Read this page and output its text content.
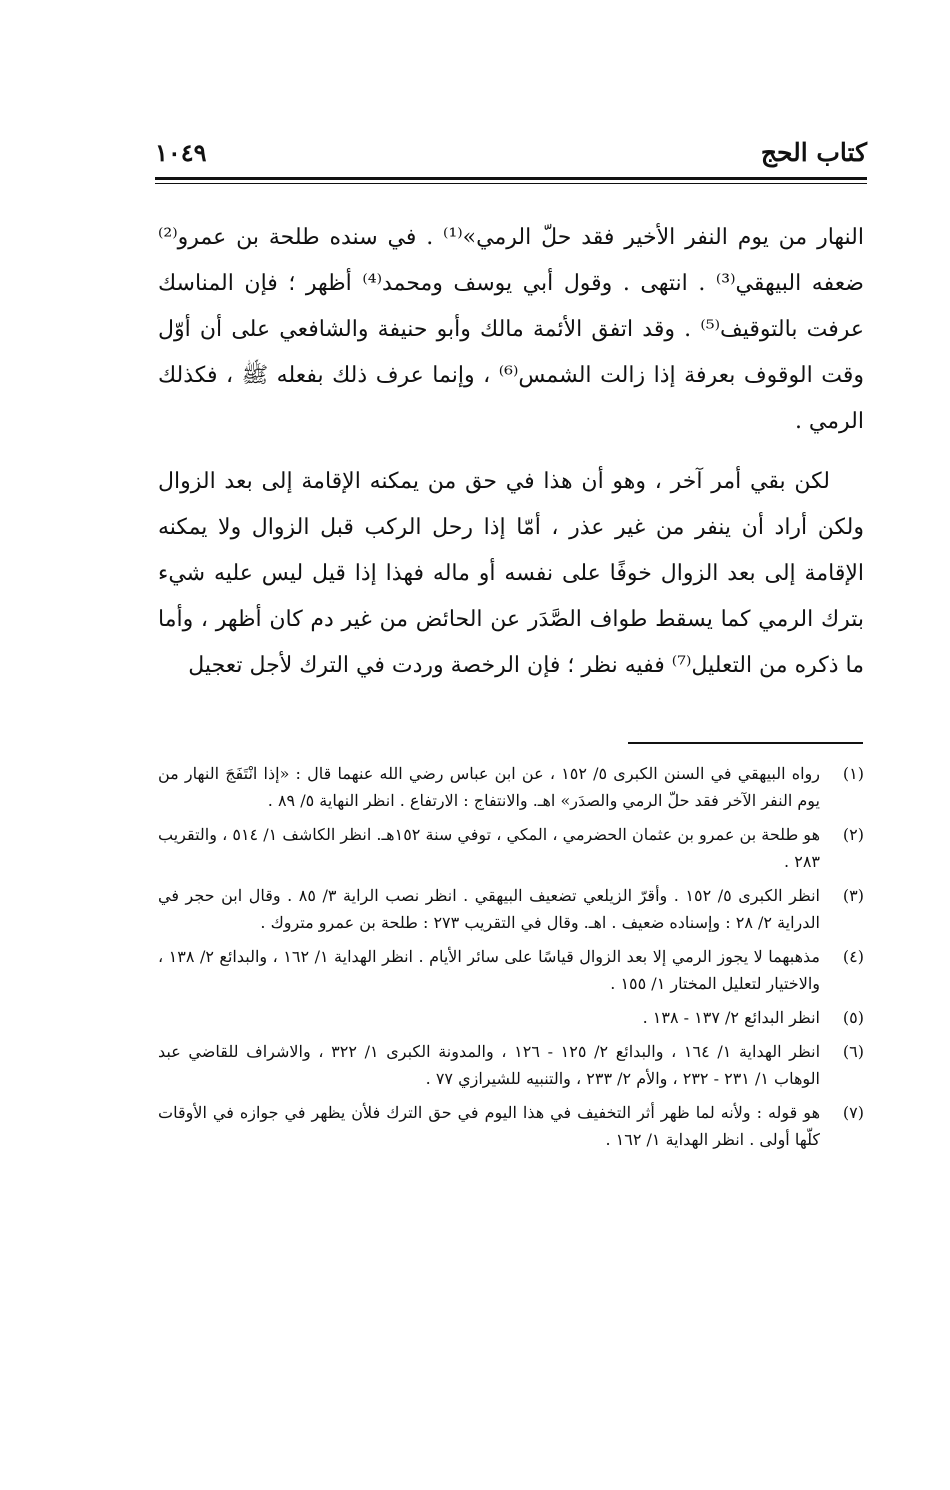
كتاب الحج
١٠٤٩

النهار من يوم النفر الأخير فقد حلّ الرمي»⁽¹⁾ . في سنده طلحة بن عمرو⁽²⁾ ضعفه البيهقي⁽³⁾ . انتهى . وقول أبي يوسف ومحمد⁽⁴⁾ أظهر ؛ فإن المناسك عرفت بالتوقيف⁽⁵⁾ . وقد اتفق الأئمة مالك وأبو حنيفة والشافعي على أن أوّل وقت الوقوف بعرفة إذا زالت الشمس⁽⁶⁾ ، وإنما عرف ذلك بفعله ﷺ ، فكذلك الرمي .

لكن بقي أمر آخر ، وهو أن هذا في حق من يمكنه الإقامة إلى بعد الزوال ولكن أراد أن ينفر من غير عذر ، أمّا إذا رحل الركب قبل الزوال ولا يمكنه الإقامة إلى بعد الزوال خوفًا على نفسه أو ماله فهذا إذا قيل ليس عليه شيء بترك الرمي كما يسقط طواف الصَّدَر عن الحائض من غير دم كان أظهر ، وأما ما ذكره من التعليل⁽⁷⁾ ففيه نظر ؛ فإن الرخصة وردت في الترك لأجل تعجيل

(١)
رواه البيهقي في السنن الكبرى ٥/ ١٥٢ ، عن ابن عباس رضي الله عنهما قال : «إذا انْتَفَجَ النهار من يوم النفر الآخر فقد حلّ الرمي والصدَر» اهـ. والانتفاج : الارتفاع . انظر النهاية ٥/ ٨٩ .
(٢)
هو طلحة بن عمرو بن عثمان الحضرمي ، المكي ، توفي سنة ١٥٢هـ. انظر الكاشف ١/ ٥١٤ ، والتقريب ٢٨٣ .
(٣)
انظر الكبرى ٥/ ١٥٢ . وأقرّ الزيلعي تضعيف البيهقي . انظر نصب الراية ٣/ ٨٥ . وقال ابن حجر في الدراية ٢/ ٢٨ : وإسناده ضعيف . اهـ. وقال في التقريب ٢٧٣ : طلحة بن عمرو متروك .
(٤)
مذهبهما لا يجوز الرمي إلا بعد الزوال قياسًا على سائر الأيام . انظر الهداية ١/ ١٦٢ ، والبدائع ٢/ ١٣٨ ، والاختيار لتعليل المختار ١/ ١٥٥ .
(٥)
انظر البدائع ٢/ ١٣٧ - ١٣٨ .
(٦)
انظر الهداية ١/ ١٦٤ ، والبدائع ٢/ ١٢٥ - ١٢٦ ، والمدونة الكبرى ١/ ٣٢٢ ، والاشراف للقاضي عبد الوهاب ١/ ٢٣١ - ٢٣٢ ، والأم ٢/ ٢٣٣ ، والتنبيه للشيرازي ٧٧ .
(٧)
هو قوله : ولأنه لما ظهر أثر التخفيف في هذا اليوم في حق الترك فلأن يظهر في جوازه في الأوقات كلّها أولى . انظر الهداية ١/ ١٦٢ .
